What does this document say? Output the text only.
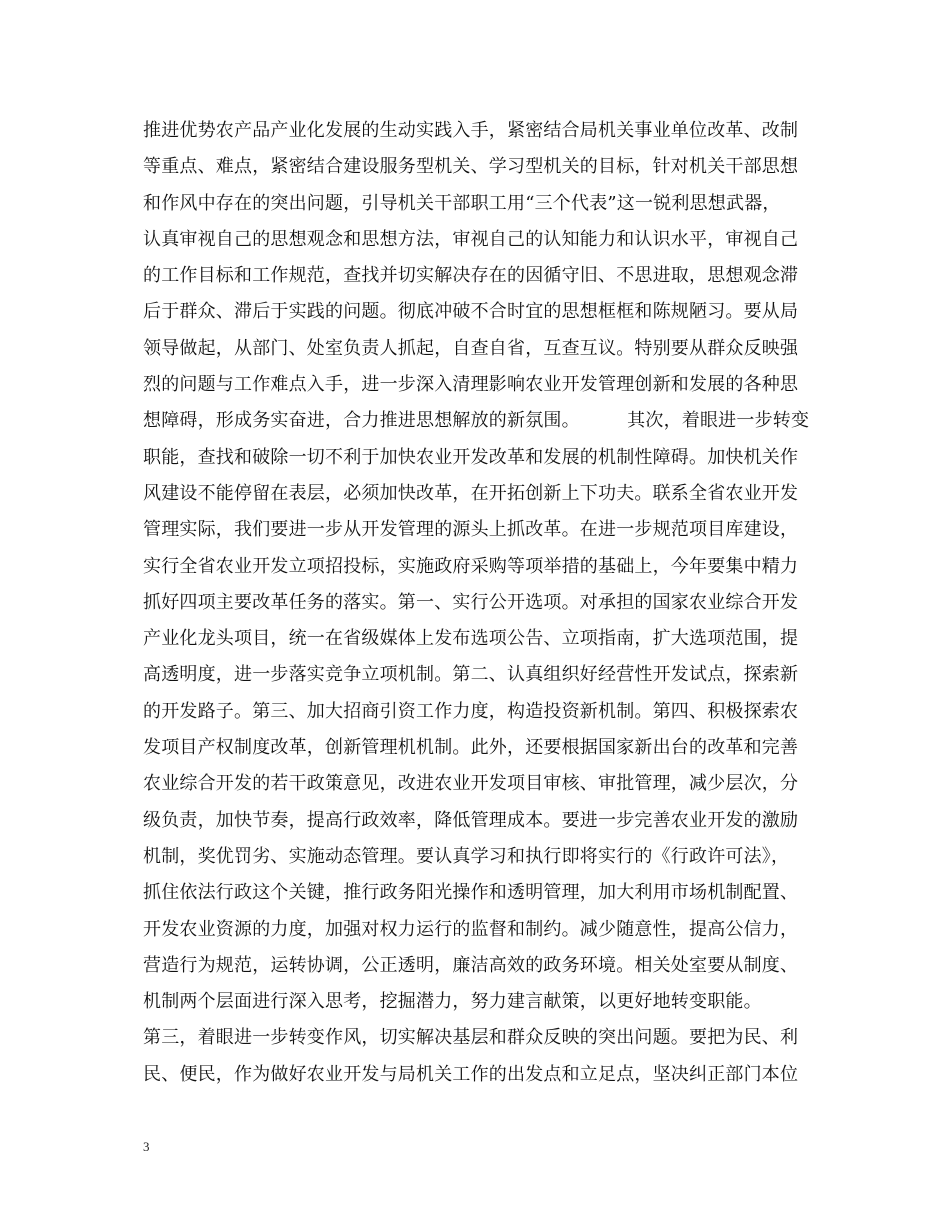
推进优势农产品产业化发展的生动实践入手，紧密结合局机关事业单位改革、改制
等重点、难点，紧密结合建设服务型机关、学习型机关的目标，针对机关干部思想
和作风中存在的突出问题，引导机关干部职工用“三个代表”这一锐利思想武器，
认真审视自己的思想观念和思想方法，审视自己的认知能力和认识水平，审视自己
的工作目标和工作规范，查找并切实解决存在的因循守旧、不思进取，思想观念滞
后于群众、滞后于实践的问题。彻底冲破不合时宜的思想框框和陈规陋习。要从局
领导做起，从部门、处室负责人抓起，自查自省，互查互议。特别要从群众反映强
烈的问题与工作难点入手，进一步深入清理影响农业开发管理创新和发展的各种思
想障碍，形成务实奋进，合力推进思想解放的新氛围。        其次，着眼进一步转变
职能，查找和破除一切不利于加快农业开发改革和发展的机制性障碍。加快机关作
风建设不能停留在表层，必须加快改革，在开拓创新上下功夫。联系全省农业开发
管理实际，我们要进一步从开发管理的源头上抓改革。在进一步规范项目库建设，
实行全省农业开发立项招投标，实施政府采购等项举措的基础上，今年要集中精力
抓好四项主要改革任务的落实。第一、实行公开选项。对承担的国家农业综合开发
产业化龙头项目，统一在省级媒体上发布选项公告、立项指南，扩大选项范围，提
高透明度，进一步落实竞争立项机制。第二、认真组织好经营性开发试点，探索新
的开发路子。第三、加大招商引资工作力度，构造投资新机制。第四、积极探索农
发项目产权制度改革，创新管理机机制。此外，还要根据国家新出台的改革和完善
农业综合开发的若干政策意见，改进农业开发项目审核、审批管理，减少层次，分
级负责，加快节奏，提高行政效率，降低管理成本。要进一步完善农业开发的激励
机制，奖优罚劣、实施动态管理。要认真学习和执行即将实行的《行政许可法》，
抓住依法行政这个关键，推行政务阳光操作和透明管理，加大利用市场机制配置、
开发农业资源的力度，加强对权力运行的监督和制约。减少随意性，提高公信力，
营造行为规范，运转协调，公正透明，廉洁高效的政务环境。相关处室要从制度、
机制两个层面进行深入思考，挖掘潜力，努力建言献策，以更好地转变职能。
第三，着眼进一步转变作风，切实解决基层和群众反映的突出问题。要把为民、利
民、便民，作为做好农业开发与局机关工作的出发点和立足点，坚决纠正部门本位
3
